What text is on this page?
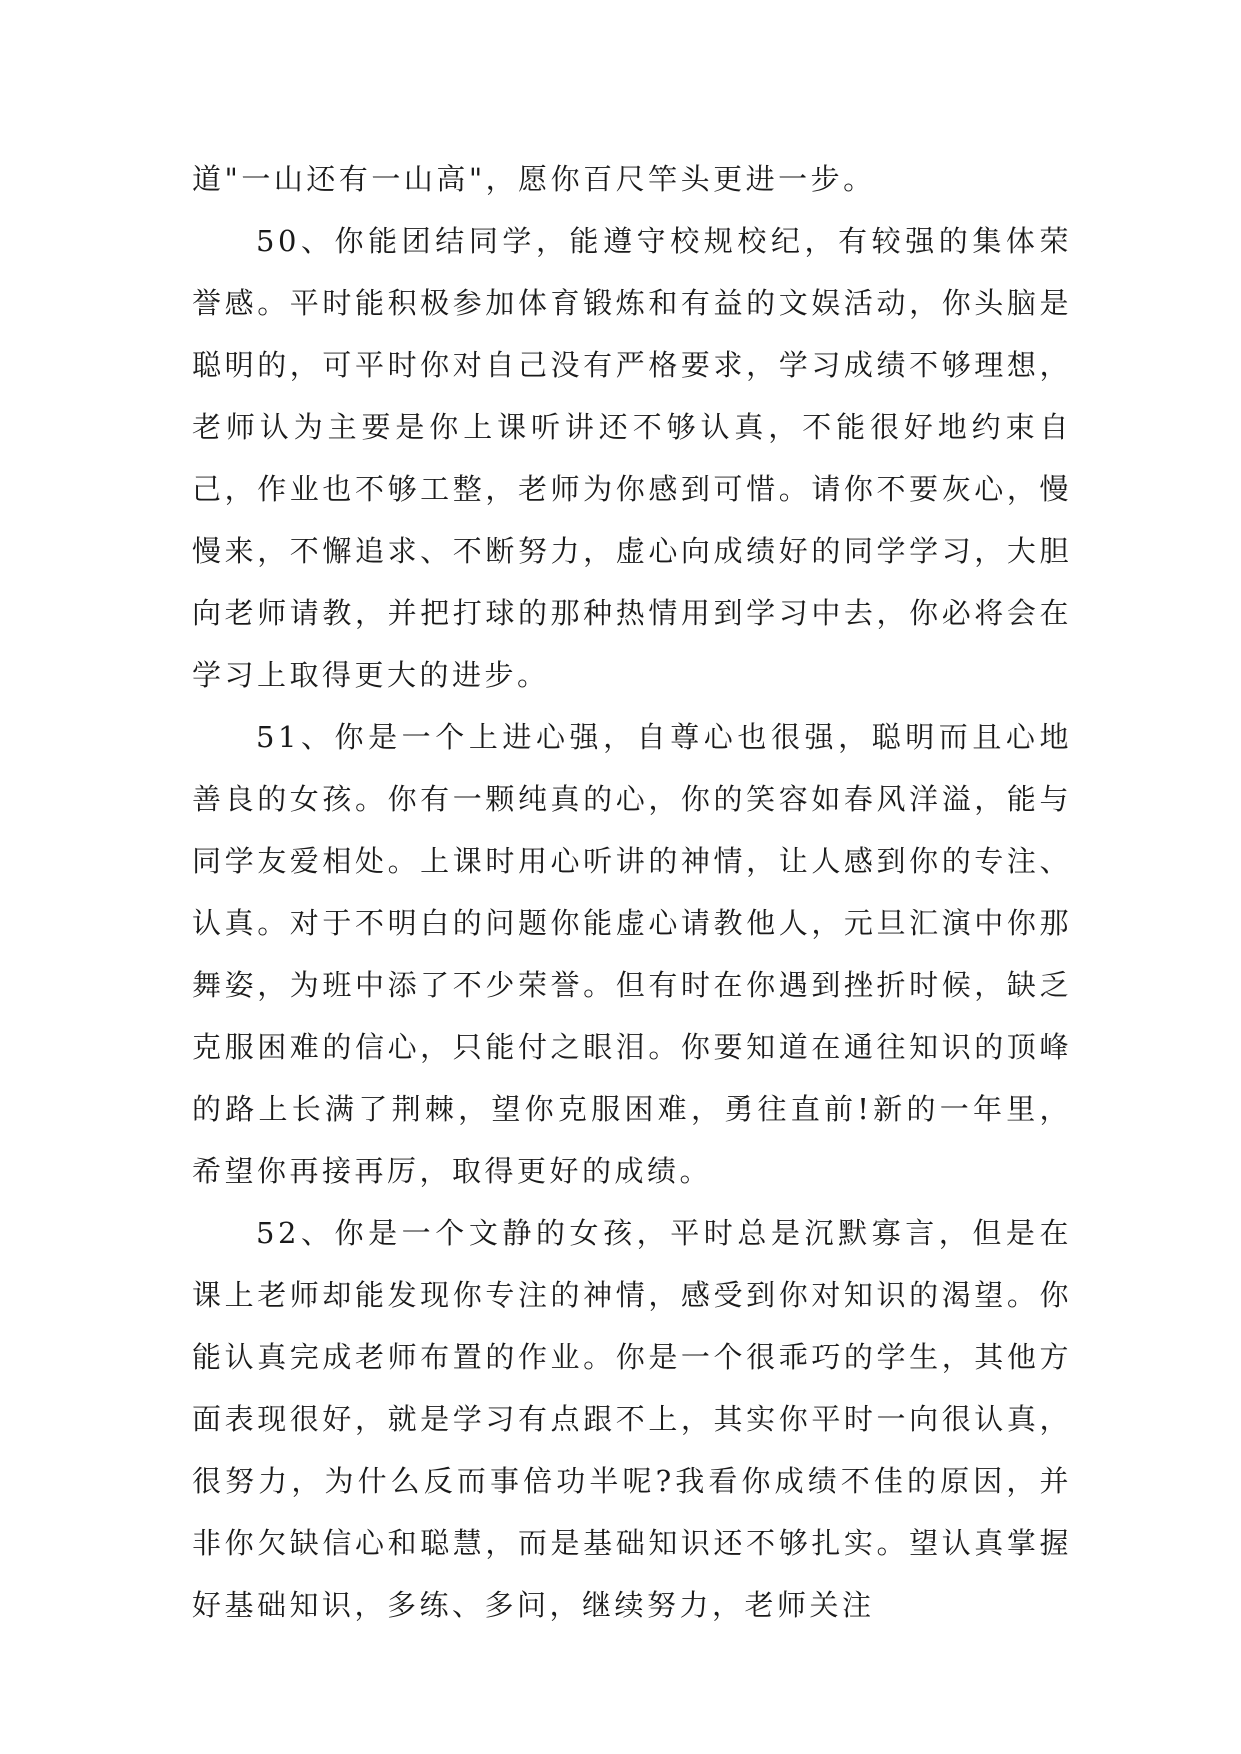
道"一山还有一山高"，愿你百尺竿头更进一步。

50、你能团结同学，能遵守校规校纪，有较强的集体荣誉感。平时能积极参加体育锻炼和有益的文娱活动，你头脑是聪明的，可平时你对自己没有严格要求，学习成绩不够理想，老师认为主要是你上课听讲还不够认真，不能很好地约束自己，作业也不够工整，老师为你感到可惜。请你不要灰心，慢慢来，不懈追求、不断努力，虚心向成绩好的同学学习，大胆向老师请教，并把打球的那种热情用到学习中去，你必将会在学习上取得更大的进步。

51、你是一个上进心强，自尊心也很强，聪明而且心地善良的女孩。你有一颗纯真的心，你的笑容如春风洋溢，能与同学友爱相处。上课时用心听讲的神情，让人感到你的专注、认真。对于不明白的问题你能虚心请教他人，元旦汇演中你那舞姿，为班中添了不少荣誉。但有时在你遇到挫折时候，缺乏克服困难的信心，只能付之眼泪。你要知道在通往知识的顶峰的路上长满了荆棘，望你克服困难，勇往直前!新的一年里，希望你再接再厉，取得更好的成绩。

52、你是一个文静的女孩，平时总是沉默寡言，但是在课上老师却能发现你专注的神情，感受到你对知识的渴望。你能认真完成老师布置的作业。你是一个很乖巧的学生，其他方面表现很好，就是学习有点跟不上，其实你平时一向很认真，很努力，为什么反而事倍功半呢?我看你成绩不佳的原因，并非你欠缺信心和聪慧，而是基础知识还不够扎实。望认真掌握好基础知识，多练、多问，继续努力，老师关注
